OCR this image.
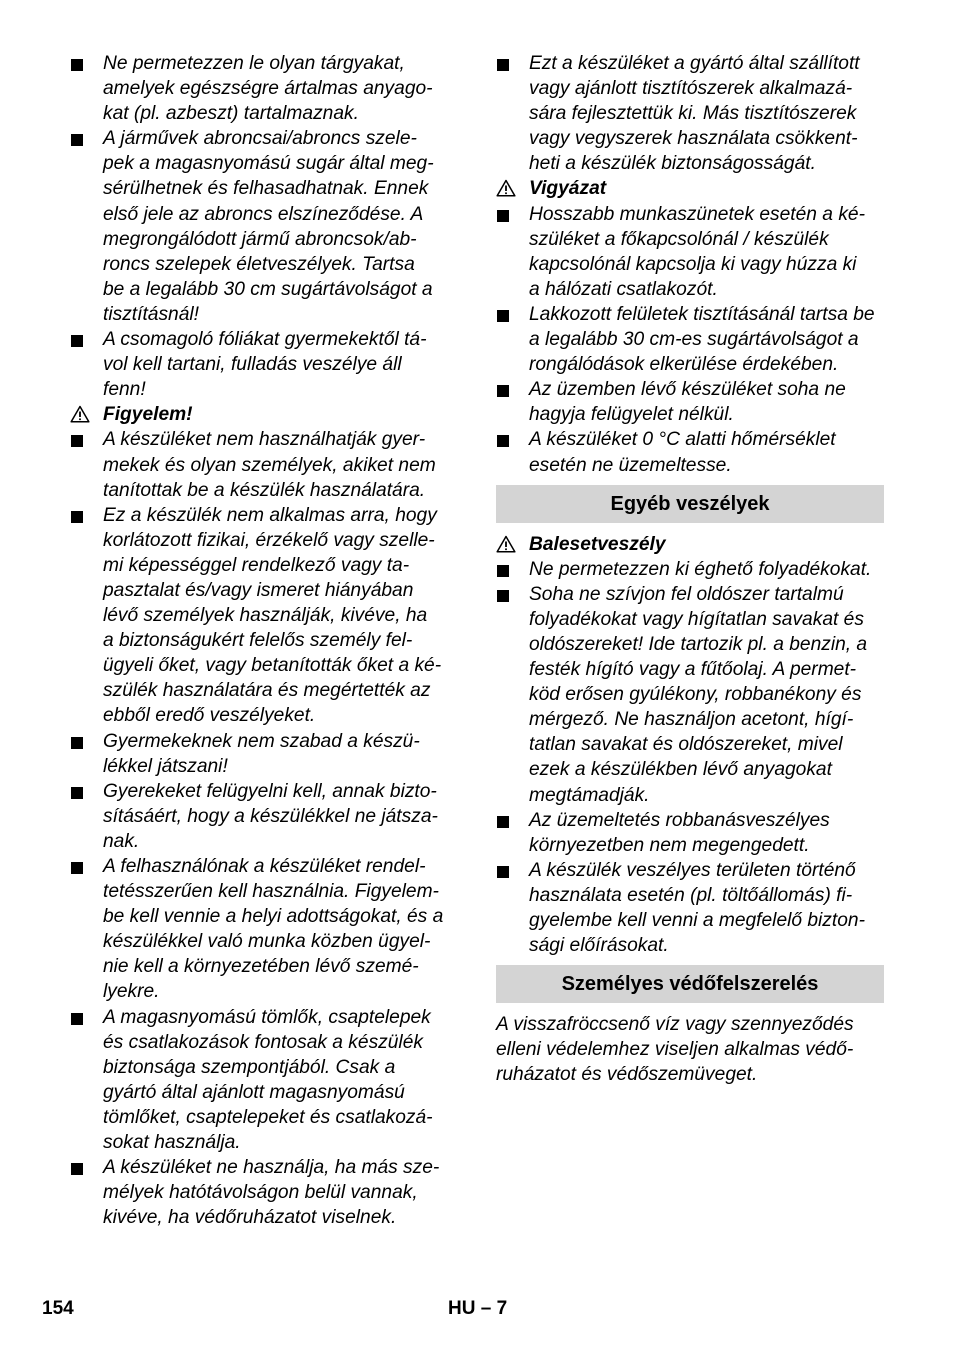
Ne permetezzen le olyan tárgyakat,
amelyek egészségre ártalmas anyago-
kat (pl. azbeszt) tartalmaznak.
A járművek abroncsai/abroncs szele-
pek a magasnyomású sugár által meg-
sérülhetnek és felhasadhatnak. Ennek
első jele az abroncs elszíneződése. A
megrongálódott jármű abroncsok/ab-
roncs szelepek életveszélyek. Tartsa
be a legalább 30 cm sugártávolságot a
tisztításnál!
A csomagoló fóliákat gyermekektől tá-
vol kell tartani, fulladás veszélye áll
fenn!
Figyelem!
A készüléket nem használhatják gyer-
mekek és olyan személyek, akiket nem
tanítottak be a készülék használatára.
Ez a készülék nem alkalmas arra, hogy
korlátozott fizikai, érzékelő vagy szelle-
mi képességgel rendelkező vagy ta-
pasztalat és/vagy ismeret hiányában
lévő személyek használják, kivéve, ha
a biztonságukért felelős személy fel-
ügyeli őket, vagy betanították őket a ké-
szülék használatára és megértették az
ebből eredő veszélyeket.
Gyermekeknek nem szabad a készü-
lékkel játszani!
Gyerekeket felügyelni kell, annak bizto-
sításáért, hogy a készülékkel ne játsza-
nak.
A felhasználónak a készüléket rendel-
tetésszerűen kell használnia. Figyelem-
be kell vennie a helyi adottságokat, és a
készülékkel való munka közben ügyel-
nie kell a környezetében lévő szemé-
lyekre.
A magasnyomású tömlők, csaptelepek
és csatlakozások fontosak a készülék
biztonsága szempontjából. Csak a
gyártó által ajánlott magasnyomású
tömlőket, csaptelepeket és csatlakozá-
sokat használja.
A készüléket ne használja, ha más sze-
mélyek hatótávolságon belül vannak,
kivéve, ha védőruházatot viselnek.
Ezt a készüléket a gyártó által szállított
vagy ajánlott tisztítószerek alkalmazá-
sára fejlesztettük ki. Más tisztítószerek
vagy vegyszerek használata csökkent-
heti a készülék biztonságosságát.
Vigyázat
Hosszabb munkaszünetek esetén a ké-
szüléket a főkapcsolónál / készülék
kapcsolónál kapcsolja ki vagy húzza ki
a hálózati csatlakozót.
Lakkozott felületek tisztításánál tartsa be
a legalább 30 cm-es sugártávolságot a
rongálódások elkerülése érdekében.
Az üzemben lévő készüléket soha ne
hagyja felügyelet nélkül.
A készüléket 0 °C alatti hőmérséklet
esetén ne üzemeltesse.
Egyéb veszélyek
Balesetveszély
Ne permetezzen ki éghető folyadékokat.
Soha ne szívjon fel oldószer tartalmú
folyadékokat vagy hígítatlan savakat és
oldószereket! Ide tartozik pl. a benzin, a
festék hígító vagy a fűtőolaj. A permet-
köd erősen gyúlékony, robbanékony és
mérgező. Ne használjon acetont, hígí-
tatlan savakat és oldószereket, mivel
ezek a készülékben lévő anyagokat
megtámadják.
Az üzemeltetés robbanásveszélyes
környezetben nem megengedett.
A készülék veszélyes területen történő
használata esetén (pl. töltőállomás) fi-
gyelembe kell venni a megfelelő bizton-
sági előírásokat.
Személyes védőfelszerelés
A visszafröccsenő víz vagy szennyeződés
elleni védelemhez viseljen alkalmas védő-
ruházatot és védőszemüveget.
154	HU – 7
